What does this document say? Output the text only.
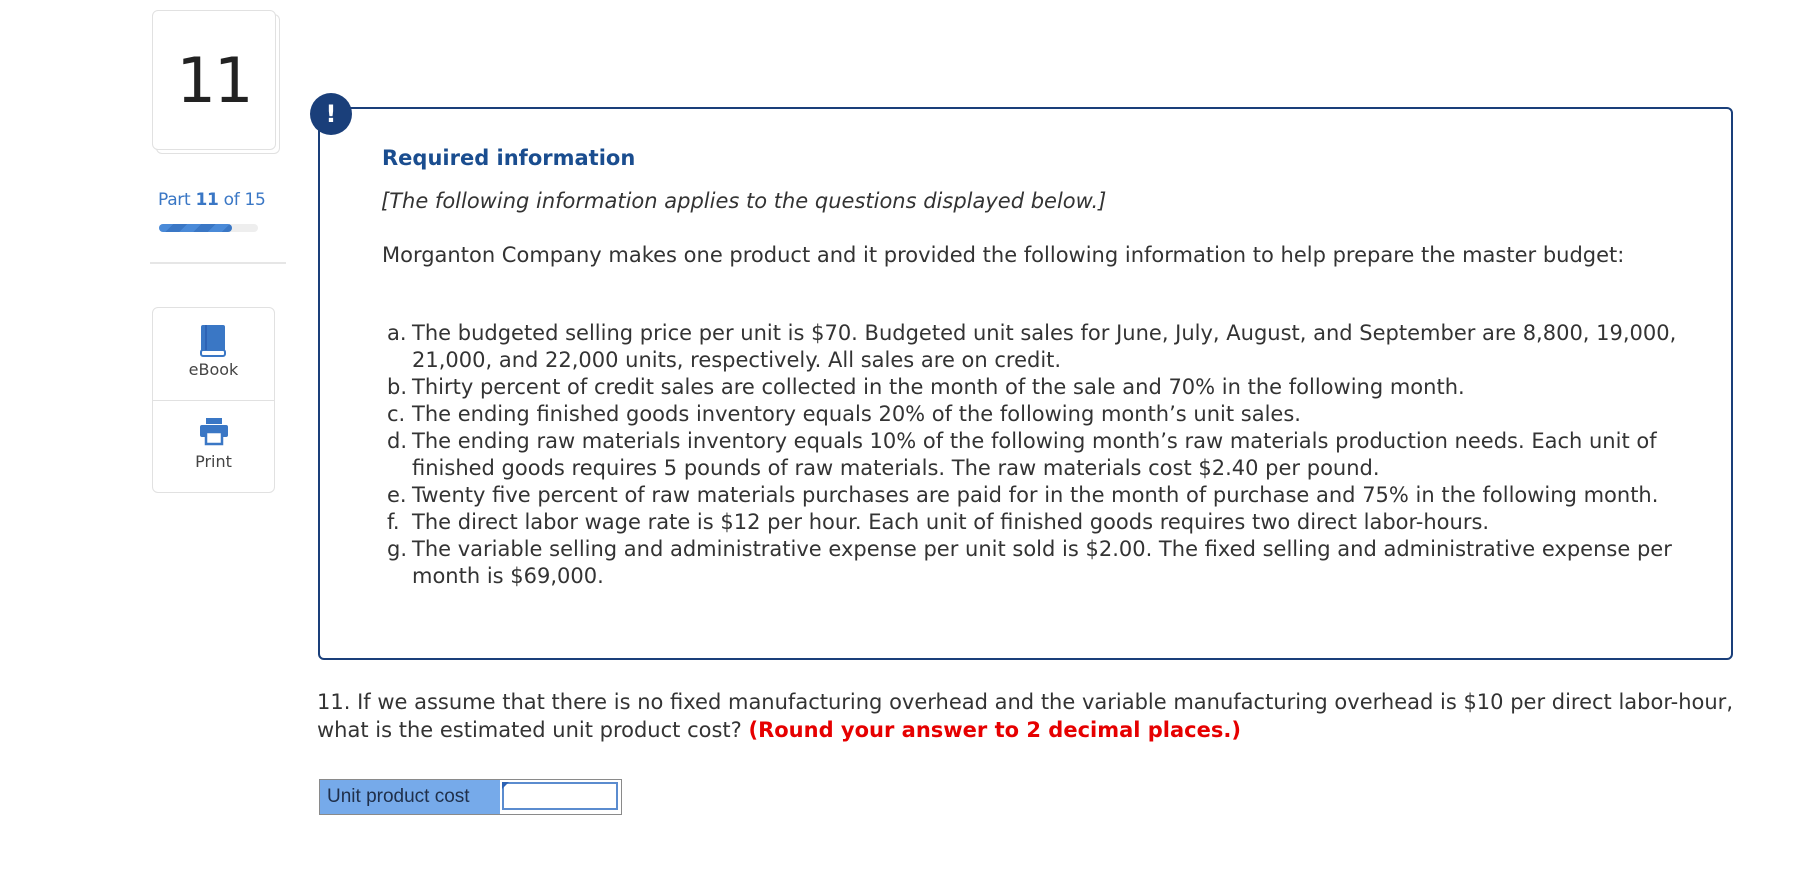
11
Part 11 of 15
eBook
Print
!
Required information
[The following information applies to the questions displayed below.]
Morganton Company makes one product and it provided the following information to help prepare the master budget:
a. The budgeted selling price per unit is $70. Budgeted unit sales for June, July, August, and September are 8,800, 19,000, 21,000, and 22,000 units, respectively. All sales are on credit.
b. Thirty percent of credit sales are collected in the month of the sale and 70% in the following month.
c. The ending finished goods inventory equals 20% of the following month’s unit sales.
d. The ending raw materials inventory equals 10% of the following month’s raw materials production needs. Each unit of finished goods requires 5 pounds of raw materials. The raw materials cost $2.40 per pound.
e. Twenty five percent of raw materials purchases are paid for in the month of purchase and 75% in the following month.
f. The direct labor wage rate is $12 per hour. Each unit of finished goods requires two direct labor-hours.
g. The variable selling and administrative expense per unit sold is $2.00. The fixed selling and administrative expense per month is $69,000.
11. If we assume that there is no fixed manufacturing overhead and the variable manufacturing overhead is $10 per direct labor-hour, what is the estimated unit product cost? (Round your answer to 2 decimal places.)
Unit product cost
